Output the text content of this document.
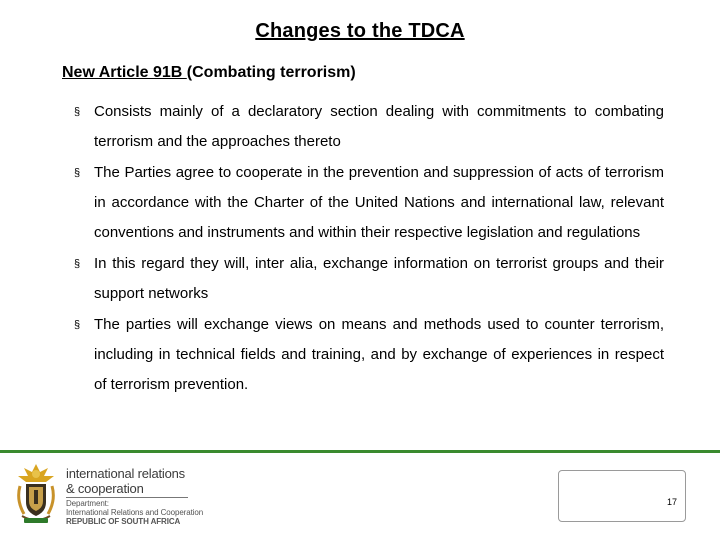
Changes to the TDCA
New Article 91B (Combating terrorism)
§ Consists mainly of a declaratory section dealing with commitments to combating terrorism and the approaches thereto
§ The Parties agree to cooperate in the prevention and suppression of acts of terrorism in accordance with the Charter of the United Nations and international law, relevant conventions and instruments and within their respective legislation and regulations
§ In this regard they will, inter alia, exchange information on terrorist groups and their support networks
§ The parties will exchange views on means and methods used to counter terrorism, including in technical fields and training, and by exchange of experiences in respect of terrorism prevention.
international relations
& cooperation
Department:
International Relations and Cooperation
REPUBLIC OF SOUTH AFRICA
17
